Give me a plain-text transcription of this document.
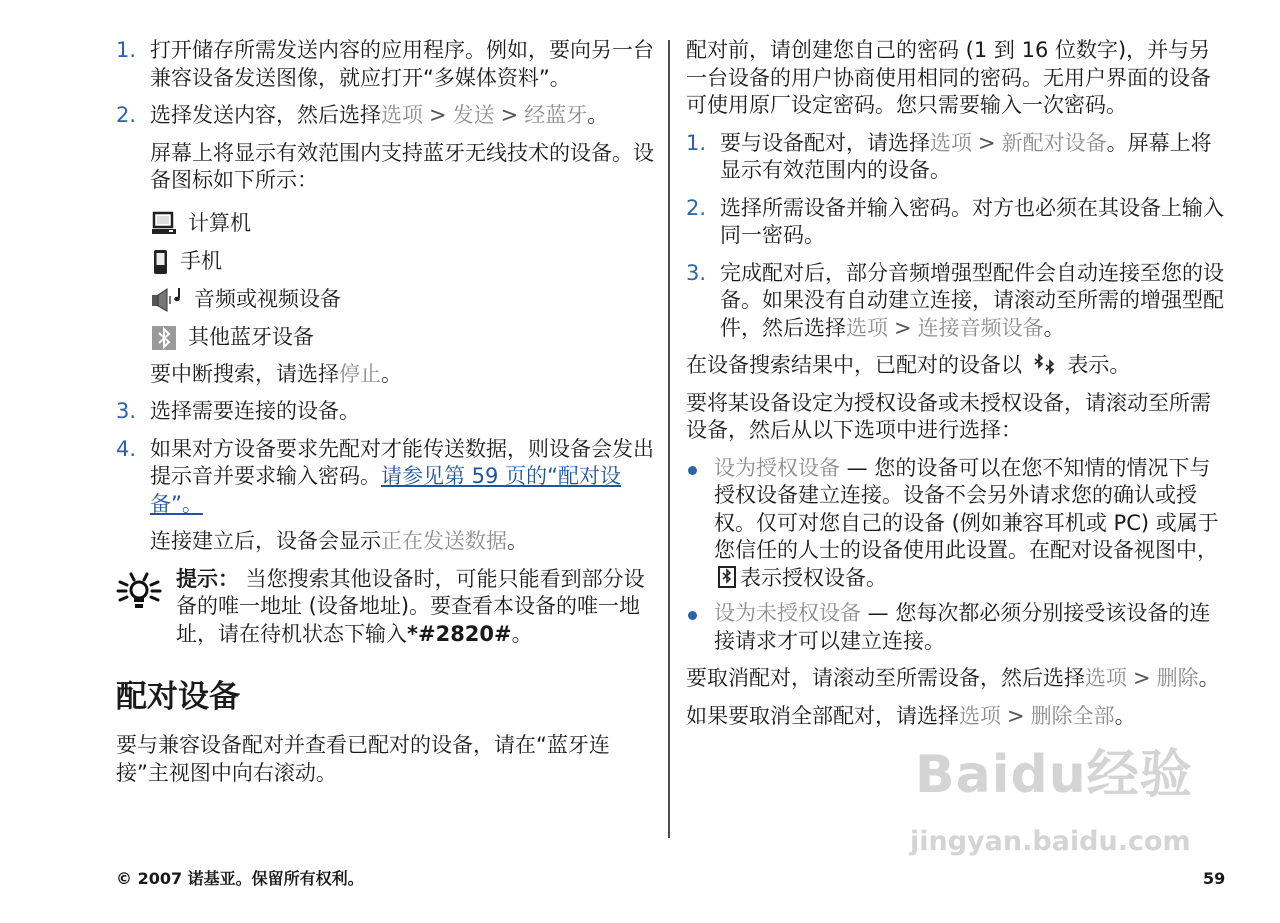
1. 打开储存所需发送内容的应用程序。例如，要向另一台兼容设备发送图像，就应打开“多媒体资料”。
2. 选择发送内容，然后选择选项 > 发送 > 经蓝牙。
屏幕上将显示有效范围内支持蓝牙无线技术的设备。设备图标如下所示：
计算机
手机
音频或视频设备
其他蓝牙设备
要中断搜索，请选择停止。
3. 选择需要连接的设备。
4. 如果对方设备要求先配对才能传送数据，则设备会发出提示音并要求输入密码。请参见第 59 页的“配对设备”。
连接建立后，设备会显示正在发送数据。
提示： 当您搜索其他设备时，可能只能看到部分设备的唯一地址 (设备地址)。要查看本设备的唯一地址，请在待机状态下输入*#2820#。
配对设备

要与兼容设备配对并查看已配对的设备，请在“蓝牙连接”主视图中向右滚动。

配对前，请创建您自己的密码 (1 到 16 位数字)，并与另一台设备的用户协商使用相同的密码。无用户界面的设备可使用原厂设定密码。您只需要输入一次密码。

1. 要与设备配对，请选择选项 > 新配对设备。屏幕上将显示有效范围内的设备。
2. 选择所需设备并输入密码。对方也必须在其设备上输入同一密码。
3. 完成配对后，部分音频增强型配件会自动连接至您的设备。如果没有自动建立连接，请滚动至所需的增强型配件，然后选择选项 > 连接音频设备。

在设备搜索结果中，已配对的设备以 表示。

要将某设备设定为授权设备或未授权设备，请滚动至所需设备，然后从以下选项中进行选择：

设为授权设备 — 您的设备可以在您不知情的情况下与授权设备建立连接。设备不会另外请求您的确认或授权。仅可对您自己的设备 (例如兼容耳机或 PC) 或属于您信任的人士的设备使用此设置。在配对设备视图中， 表示授权设备。
设为未授权设备 — 您每次都必须分别接受该设备的连接请求才可以建立连接。

要取消配对，请滚动至所需设备，然后选择选项 > 删除。

如果要取消全部配对，请选择选项 > 删除全部。

Baidu经验
jingyan.baidu.com
© 2007 诺基亚。保留所有权利。	59
